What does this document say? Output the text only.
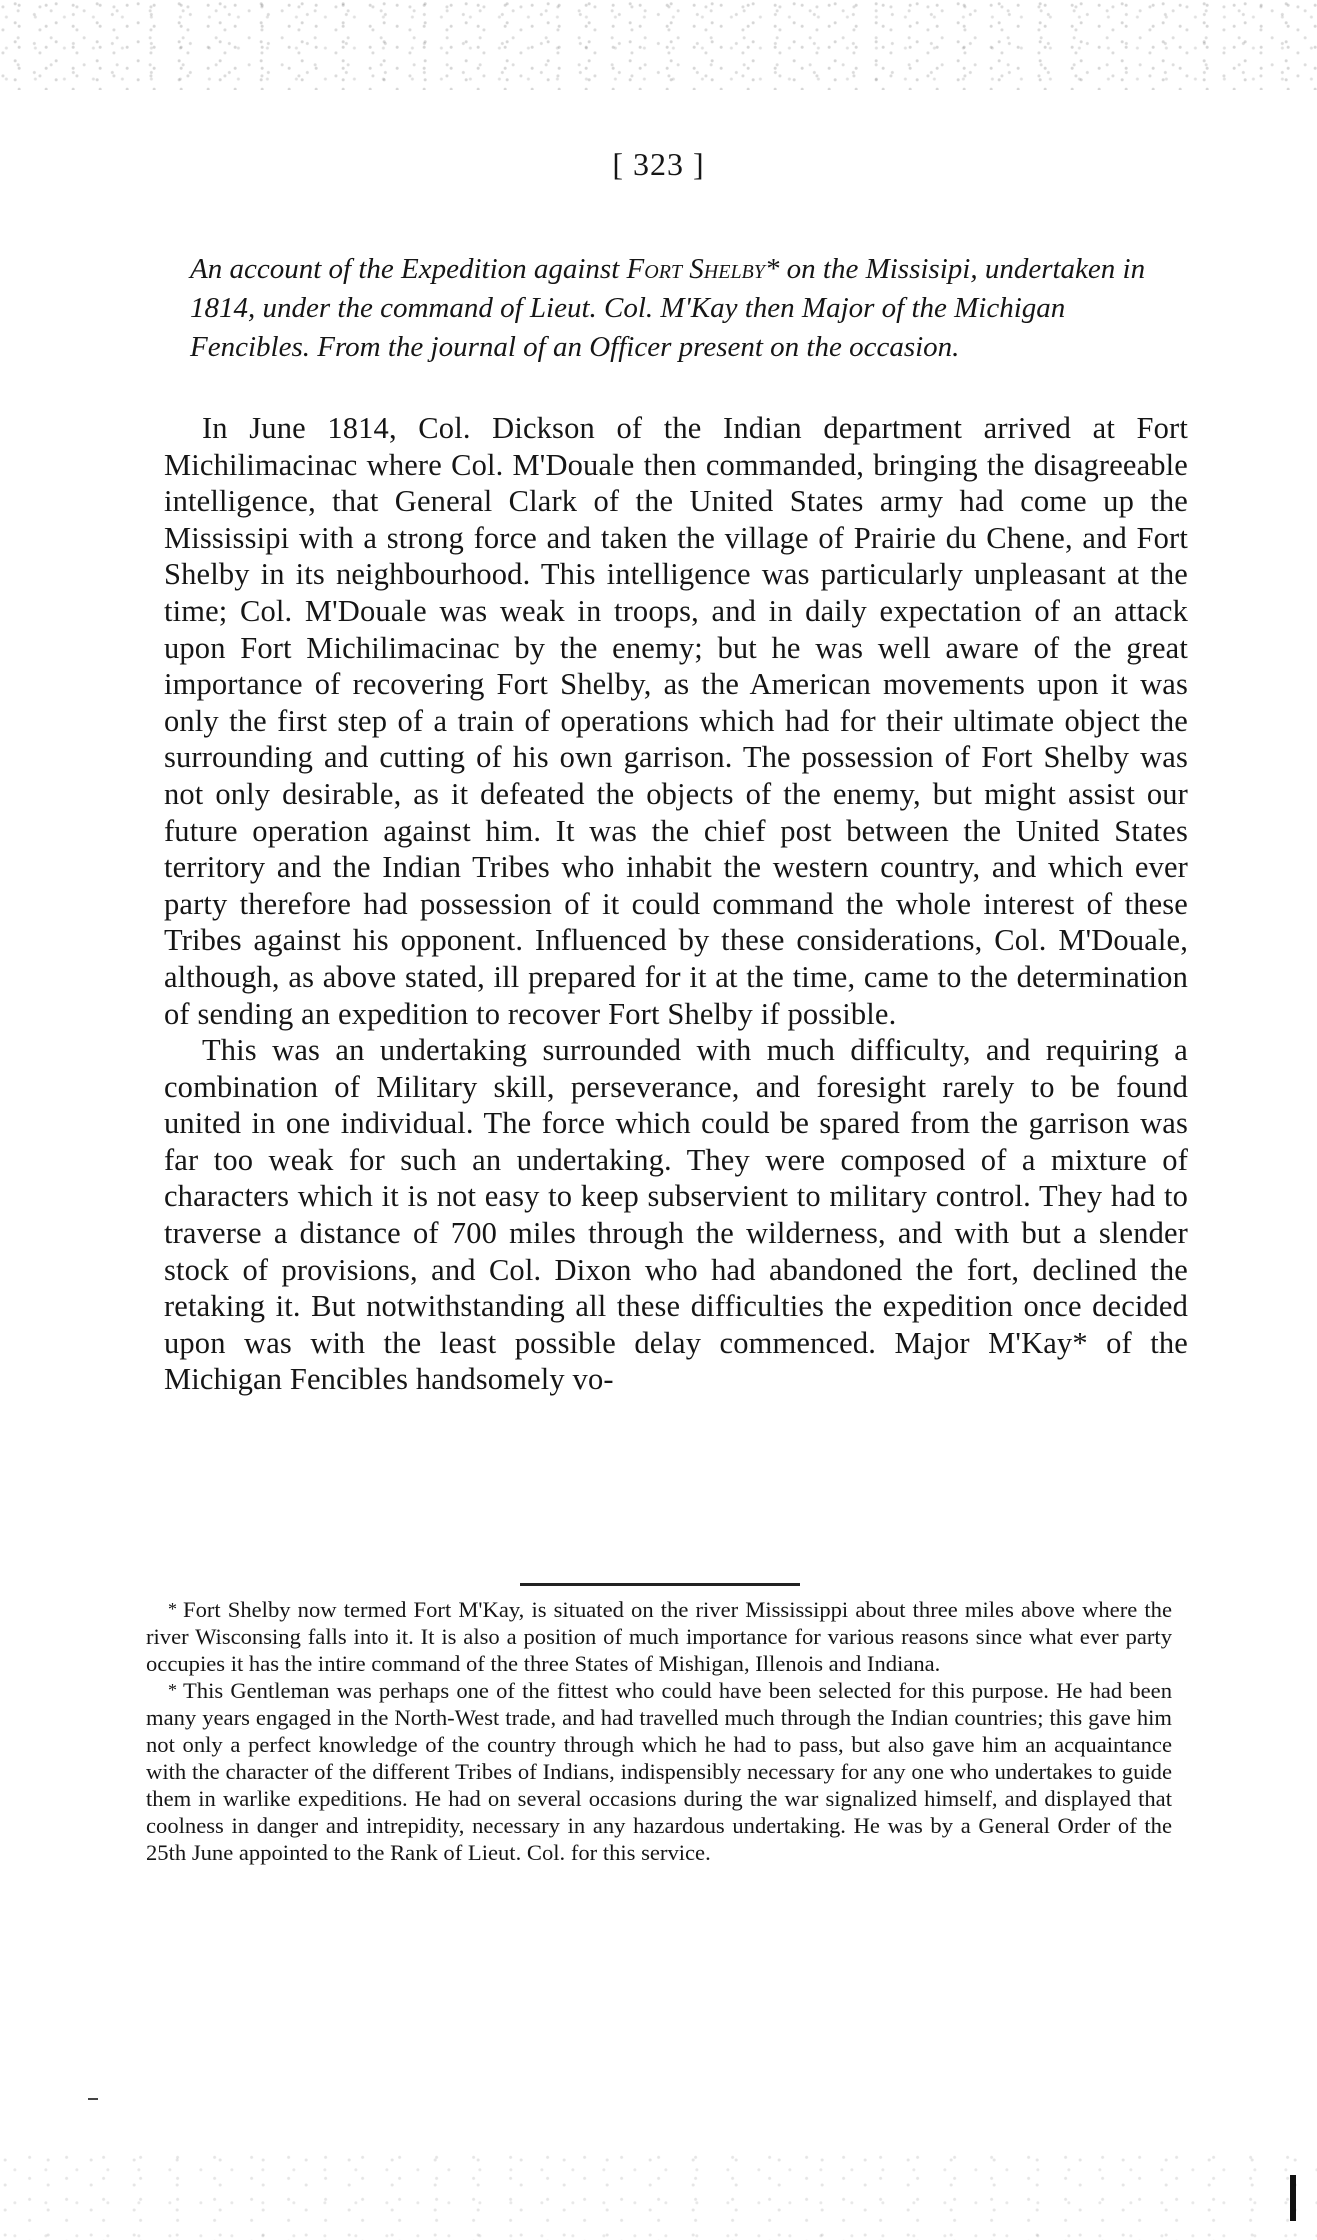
[ 323 ]
An account of the Expedition against Fort Shelby* on the Missisipi, undertaken in 1814, under the command of Lieut. Col. M'Kay then Major of the Michigan Fencibles. From the journal of an Officer present on the occasion.

In June 1814, Col. Dickson of the Indian department arrived at Fort Michilimacinac where Col. M'Douale then commanded, bringing the disagreeable intelligence, that General Clark of the United States army had come up the Mississipi with a strong force and taken the village of Prairie du Chene, and Fort Shelby in its neighbourhood. This intelligence was particularly unpleasant at the time; Col. M'Douale was weak in troops, and in daily expectation of an attack upon Fort Michilimacinac by the enemy; but he was well aware of the great importance of recovering Fort Shelby, as the American movements upon it was only the first step of a train of operations which had for their ultimate object the surrounding and cutting of his own garrison. The possession of Fort Shelby was not only desirable, as it defeated the objects of the enemy, but might assist our future operation against him. It was the chief post between the United States territory and the Indian Tribes who inhabit the western country, and which ever party therefore had possession of it could command the whole interest of these Tribes against his opponent. Influenced by these considerations, Col. M'Douale, although, as above stated, ill prepared for it at the time, came to the determination of sending an expedition to recover Fort Shelby if possible.

This was an undertaking surrounded with much difficulty, and requiring a combination of Military skill, perseverance, and foresight rarely to be found united in one individual. The force which could be spared from the garrison was far too weak for such an undertaking. They were composed of a mixture of characters which it is not easy to keep subservient to military control. They had to traverse a distance of 700 miles through the wilderness, and with but a slender stock of provisions, and Col. Dixon who had abandoned the fort, declined the retaking it. But notwithstanding all these difficulties the expedition once decided upon was with the least possible delay commenced. Major M'Kay* of the Michigan Fencibles handsomely vo-

* Fort Shelby now termed Fort M'Kay, is situated on the river Mississippi about three miles above where the river Wisconsing falls into it. It is also a position of much importance for various reasons since what ever party occupies it has the intire command of the three States of Mishigan, Illenois and Indiana.

* This Gentleman was perhaps one of the fittest who could have been selected for this purpose. He had been many years engaged in the North-West trade, and had travelled much through the Indian countries; this gave him not only a perfect knowledge of the country through which he had to pass, but also gave him an acquaintance with the character of the different Tribes of Indians, indispensibly necessary for any one who undertakes to guide them in warlike expeditions. He had on several occasions during the war signalized himself, and displayed that coolness in danger and intrepidity, necessary in any hazardous undertaking. He was by a General Order of the 25th June appointed to the Rank of Lieut. Col. for this service.
